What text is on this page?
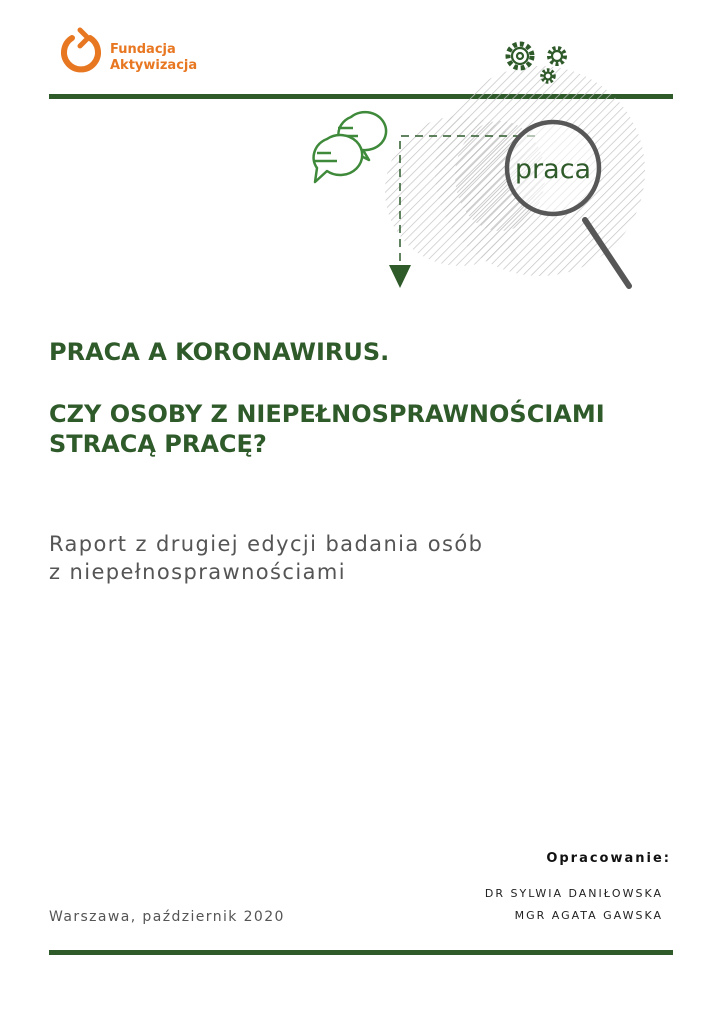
Fundacja
Aktywizacja
praca
PRACA A KORONAWIRUS.
CZY OSOBY Z NIEPEŁNOSPRAWNOŚCIAMI
STRACĄ PRACĘ?
Raport z drugiej edycji badania osób
z niepełnosprawnościami
Opracowanie:
DR SYLWIA DANIŁOWSKA
MGR AGATA GAWSKA
Warszawa, październik 2020
